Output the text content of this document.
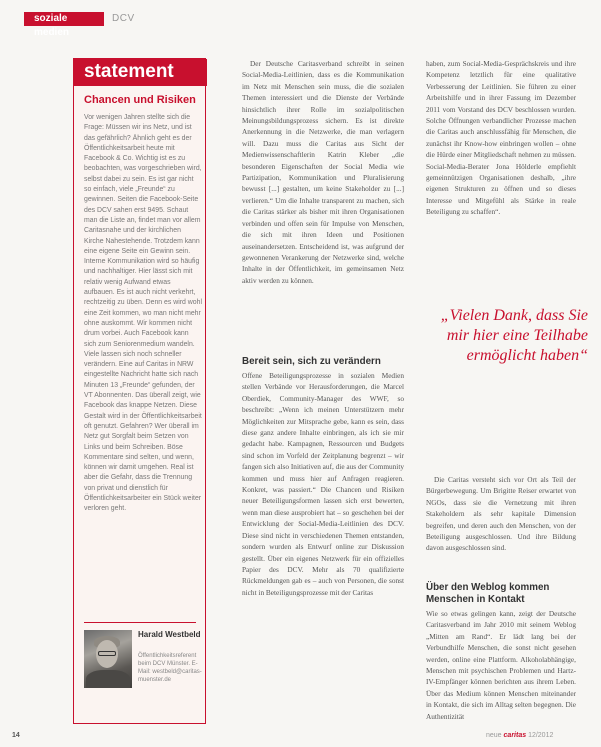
soziale medien
DCV
statement
Chancen und Risiken
Vor wenigen Jahren stellte sich die Frage: Müssen wir ins Netz, und ist das gefährlich? Ähnlich geht es der Öffentlichkeitsarbeit heute mit Facebook & Co. Wichtig ist es zu beobachten, was vorgeschrieben wird, selbst dabei zu sein. Es ist gar nicht so einfach, viele „Freunde“ zu gewinnen. Seiten die Facebook-Seite des DCV sahen erst 9495. Schaut man die Liste an, findet man vor allem Caritasnahe und der kirchlichen Kirche Nahestehende. Trotzdem kann eine eigene Seite ein Gewinn sein. Interne Kommunikation wird so häufig und nachhaltiger. Hier lässt sich mit relativ wenig Aufwand etwas aufbauen. Es ist auch nicht verkehrt, rechtzeitig zu üben. Denn es wird wohl eine Zeit kommen, wo man nicht mehr ohne auskommt. Wir kommen nicht drum vorbei. Auch Facebook kann sich zum Seniorenmedium wandeln. Viele lassen sich noch schneller verändern. Eine auf Caritas in NRW eingestellte Nachricht hatte sich nach Minuten 13 „Freunde“ gefunden, der VT Abonnenten. Das überall zeigt, wie Facebook das knappe Netzen. Diese Gestalt wird in der Öffentlichkeitsarbeit oft genutzt. Gefahren? Wer überall im Netz gut Sorgfalt beim Setzen von Links und beim Schreiben. Böse Kommentare sind selten, und wenn, können wir damit umgehen. Real ist aber die Gefahr, dass die Trennung von privat und dienstlich für Öffentlichkeitsarbeiter ein Stück weiter verloren geht.
Harald Westbeld
Öffentlichkeitsreferent beim DCV Münster. E-Mail: westbeld@caritas-muenster.de

Der Deutsche Caritasverband schreibt in seinen Social-Media-Leitlinien, dass es die Kommunikation im Netz mit Menschen sein muss, die die sozialen Themen interessiert und die Dienste der Verbände hinsichtlich ihrer Rolle im sozialpolitischen Meinungsbildungsprozess sichern. Es ist direkte Anerkennung in die Netzwerke, die man verlagern will. Dazu muss die Caritas aus Sicht der Medienwissenschaftlerin Katrin Kleber „die besonderen Eigenschaften der Social Media wie Partizipation, Kommunikation und Pluralisierung bewusst [...] gestalten, um keine Stakeholder zu [...] verlieren.“ Um die Inhalte transparent zu machen, sich die Caritas stärker als bisher mit ihren Organisationen verbinden und offen sein für Impulse von Menschen, die sich mit ihren Ideen und Positionen auseinandersetzen. Entscheidend ist, was aufgrund der gewonnenen Verankerung der Netzwerke sind, welche Inhalte in der Öffentlichkeit, im gemeinsamen Netz aktiv werden zu können.

Bereit sein, sich zu verändern

Offene Beteiligungsprozesse in sozialen Medien stellen Verbände vor Herausforderungen, die Marcel Oberdiek, Community-Manager des WWF, so beschreibt: „Wenn ich meinen Unterstützern mehr Möglichkeiten zur Mitsprache gebe, kann es sein, dass diese ganz andere Inhalte einbringen, als ich sie mir gedacht habe. Kampagnen, Ressourcen und Budgets sind schon im Vorfeld der Zeitplanung begrenzt – wir fangen sich also Initiativen auf, die aus der Community kommen und muss hier auf Anfragen reagieren. Konkret, was passiert.“ Die Chancen und Risiken neuer Beteiligungsformen lassen sich erst bewerten, wenn man diese ausprobiert hat – so geschehen bei der Entwicklung der Social-Media-Leitlinien des DCV. Diese sind nicht in verschiedenen Themen entstanden, sondern wurden als Entwurf online zur Diskussion gestellt. Über ein eigenes Netzwerk für ein offizielles Papier des DCV. Mehr als 70 qualifizierte Rückmeldungen gab es – auch von Personen, die sonst nicht in Beteiligungsprozesse mit der Caritas

haben, zum Social-Media-Gesprächskreis und ihre Kompetenz letztlich für eine qualitative Verbesserung der Leitlinien. Sie führen zu einer Arbeitshilfe und in ihrer Fassung im Dezember 2011 vom Vorstand des DCV beschlossen wurden. Solche Öffnungen verbandlicher Prozesse machen die Caritas auch anschlussfähig für Menschen, die zunächst ihr Know-how einbringen wollen – ohne die Hürde einer Mitgliedschaft nehmen zu müssen. Social-Media-Berater Jona Hölderle empfiehlt gemeinnützigen Organisationen deshalb, „ihre eigenen Strukturen zu öffnen und so dieses Interesse und Mitgefühl als Stärke in reale Beteiligung zu schaffen“.

„Vielen Dank, dass Sie mir hier eine Teilhabe ermöglicht haben“

Die Caritas versteht sich vor Ort als Teil der Bürgerbewegung. Um Brigitte Reiser erwartet von NGOs, dass sie die Vernetzung mit ihren Stakeholdern als sehr kapitale Dimension begreifen, und deren auch den Menschen, von der Beteiligung ausgeschlossen. Und ihre Bildung davon ausgeschlossen sind.

Über den Weblog kommen Menschen in Kontakt

Wie so etwas gelingen kann, zeigt der Deutsche Caritasverband im Jahr 2010 mit seinem Weblog „Mitten am Rand“. Er lädt lang bei der Verbundhilfe Menschen, die sonst nicht gesehen werden, online eine Plattform. Alkoholabhängige, Menschen mit psychischen Problemen und Hartz-IV-Empfänger können berichten aus ihrem Leben. Über das Medium können Menschen miteinander in Kontakt, die sich im Alltag selten begegnen. Die Authentizität

14	neue caritas 12/2012
